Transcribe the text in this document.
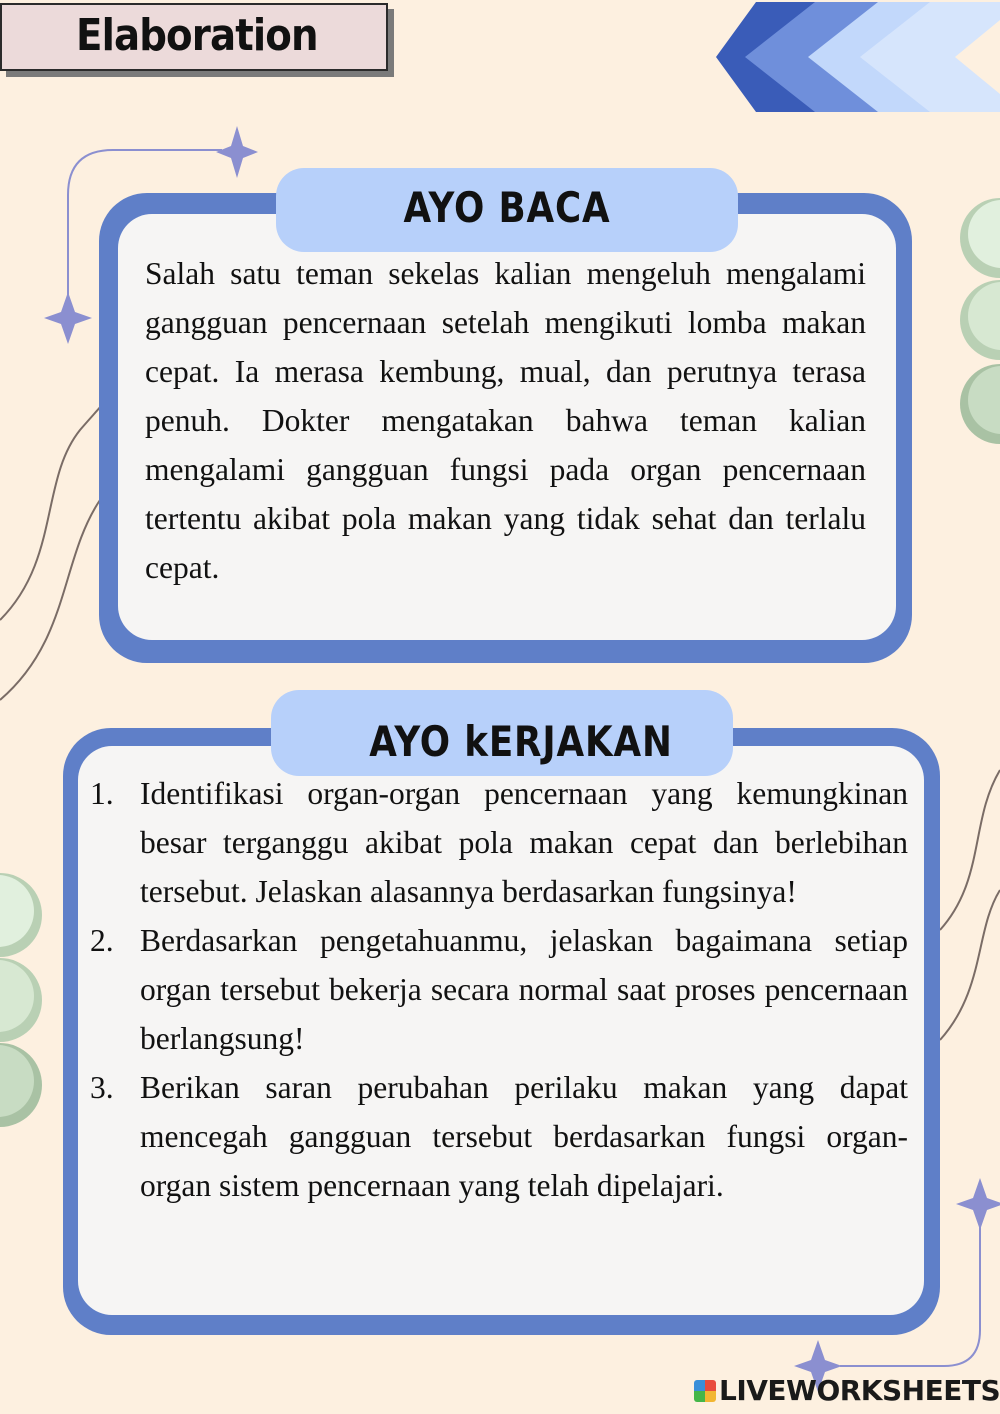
Elaboration
AYO BACA
Salah satu teman sekelas kalian mengeluh mengalami gangguan pencernaan setelah mengikuti lomba makan cepat. Ia merasa kembung, mual, dan perutnya terasa penuh. Dokter mengatakan bahwa teman kalian mengalami gangguan fungsi pada organ pencernaan tertentu akibat pola makan yang tidak sehat dan terlalu cepat.
AYO kERJAKAN
1. Identifikasi organ-organ pencernaan yang kemungkinan besar terganggu akibat pola makan cepat dan berlebihan tersebut. Jelaskan alasannya berdasarkan fungsinya!
2. Berdasarkan pengetahuanmu, jelaskan bagaimana setiap organ tersebut bekerja secara normal saat proses pencernaan berlangsung!
3. Berikan saran perubahan perilaku makan yang dapat mencegah gangguan tersebut berdasarkan fungsi organ-organ sistem pencernaan yang telah dipelajari.
LIVEWORKSHEETS
